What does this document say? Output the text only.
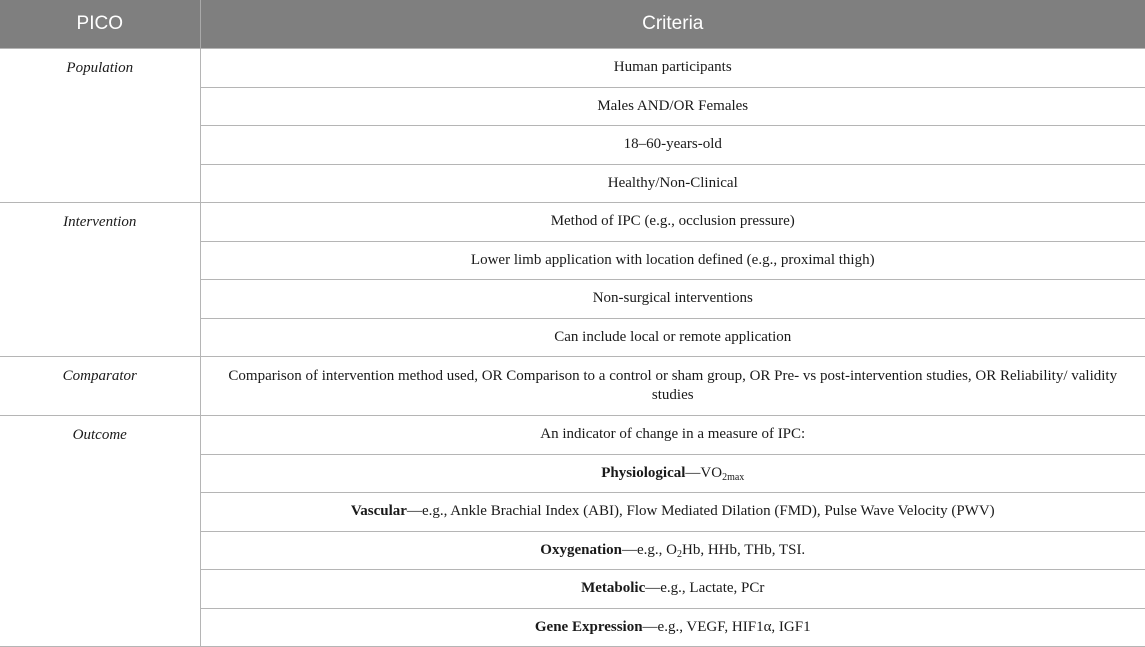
PICO	Criteria
Population	Human participants
	Males AND/OR Females
	18–60-years-old
	Healthy/Non-Clinical
Intervention	Method of IPC (e.g., occlusion pressure)
	Lower limb application with location defined (e.g., proximal thigh)
	Non-surgical interventions
	Can include local or remote application
Comparator	Comparison of intervention method used, OR Comparison to a control or sham group, OR Pre- vs post-intervention studies, OR Reliability/ validity studies
Outcome	An indicator of change in a measure of IPC:
	$Physiological—VO_{2max}$
	Vascular—e.g., Ankle Brachial Index (ABI), Flow Mediated Dilation (FMD), Pulse Wave Velocity (PWV)
	Oxygenation—e.g., $O_2Hb$, HHb, THb, TSI.
	Metabolic—e.g., Lactate, PCr
	Gene Expression—e.g., VEGF, HIF1α, IGF1
